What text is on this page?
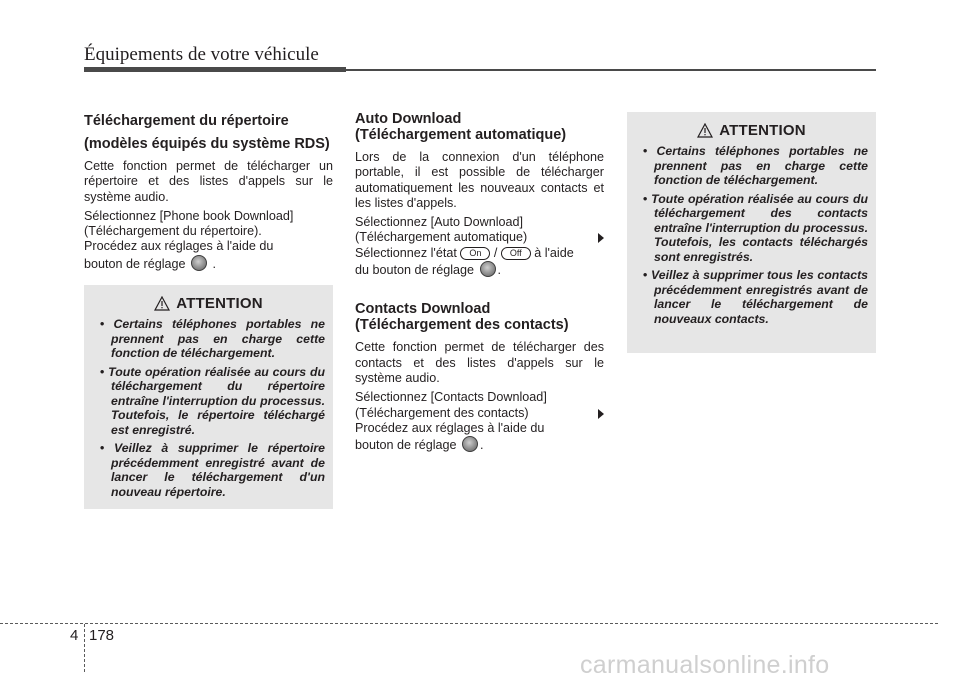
Équipements de votre véhicule
Téléchargement du répertoire
(modèles équipés du système RDS)

Cette fonction permet de télécharger un répertoire et des listes d'appels sur le système audio.

Sélectionnez [Phone book Download]

(Téléchargement du répertoire).
Procédez aux réglages à l'aide du
bouton de réglage .

ATTENTION
• Certains téléphones portables ne prennent pas en charge cette fonction de téléchargement.
• Toute opération réalisée au cours du téléchargement du répertoire entraîne l'interruption du processus. Toutefois, le répertoire téléchargé est enregistré.
• Veillez à supprimer le répertoire précédemment enregistré avant de lancer le téléchargement d'un nouveau répertoire.
Auto Download
(Téléchargement automatique)

Lors de la connexion d'un téléphone portable, il est possible de télécharger automatiquement les nouveaux contacts et les listes d'appels.

Sélectionnez [Auto Download]

(Téléchargement automatique)
Sélectionnez l'état On / Off à l'aide
du bouton de réglage .

Contacts Download
(Téléchargement des contacts)

Cette fonction permet de télécharger des contacts et des listes d'appels sur le système audio.

Sélectionnez [Contacts Download]

(Téléchargement des contacts)
Procédez aux réglages à l'aide du
bouton de réglage .

ATTENTION
• Certains téléphones portables ne prennent pas en charge cette fonction de téléchargement.
• Toute opération réalisée au cours du téléchargement des contacts entraîne l'interruption du processus. Toutefois, les contacts téléchargés sont enregistrés.
• Veillez à supprimer tous les contacts précédemment enregistrés avant de lancer le téléchargement de nouveaux contacts.
4 178
carmanualsonline.info
